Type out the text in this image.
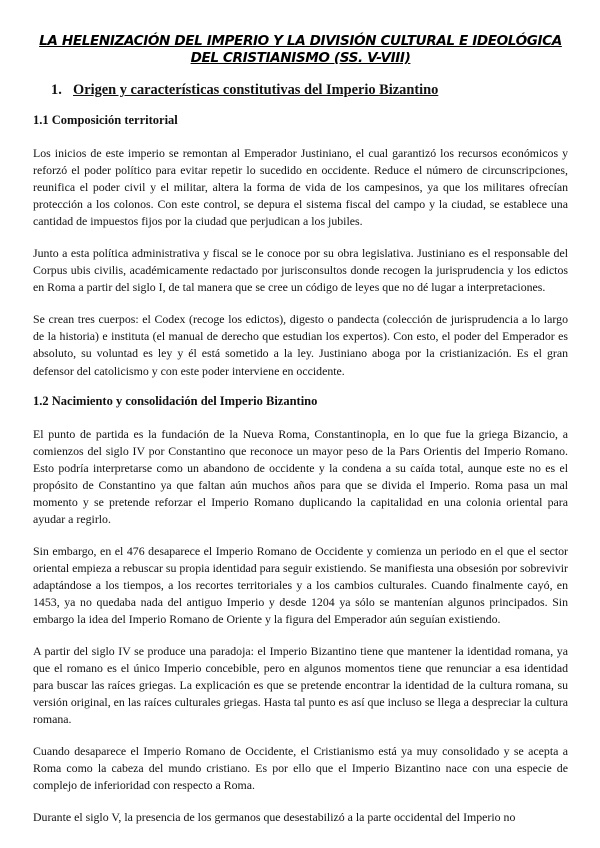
LA HELENIZACIÓN DEL IMPERIO Y LA DIVISIÓN CULTURAL E IDEOLÓGICA DEL CRISTIANISMO (SS. V-VIII)
1. Origen y características constitutivas del Imperio Bizantino
1.1 Composición territorial

Los inicios de este imperio se remontan al Emperador Justiniano, el cual garantizó los recursos económicos y reforzó el poder político para evitar repetir lo sucedido en occidente. Reduce el número de circunscripciones, reunifica el poder civil y el militar, altera la forma de vida de los campesinos, ya que los militares ofrecían protección a los colonos. Con este control, se depura el sistema fiscal del campo y la ciudad, se establece una cantidad de impuestos fijos por la ciudad que perjudican a los jubiles.

Junto a esta política administrativa y fiscal se le conoce por su obra legislativa. Justiniano es el responsable del Corpus ubis civilis, académicamente redactado por jurisconsultos donde recogen la jurisprudencia y los edictos en Roma a partir del siglo I, de tal manera que se cree un código de leyes que no dé lugar a interpretaciones.

Se crean tres cuerpos: el Codex (recoge los edictos), digesto o pandecta (colección de jurisprudencia a lo largo de la historia) e instituta (el manual de derecho que estudian los expertos). Con esto, el poder del Emperador es absoluto, su voluntad es ley y él está sometido a la ley. Justiniano aboga por la cristianización. Es el gran defensor del catolicismo y con este poder interviene en occidente.

1.2 Nacimiento y consolidación del Imperio Bizantino

El punto de partida es la fundación de la Nueva Roma, Constantinopla, en lo que fue la griega Bizancio, a comienzos del siglo IV por Constantino que reconoce un mayor peso de la Pars Orientis del Imperio Romano. Esto podría interpretarse como un abandono de occidente y la condena a su caída total, aunque este no es el propósito de Constantino ya que faltan aún muchos años para que se divida el Imperio. Roma pasa un mal momento y se pretende reforzar el Imperio Romano duplicando la capitalidad en una colonia oriental para ayudar a regirlo.

Sin embargo, en el 476 desaparece el Imperio Romano de Occidente y comienza un periodo en el que el sector oriental empieza a rebuscar su propia identidad para seguir existiendo. Se manifiesta una obsesión por sobrevivir adaptándose a los tiempos, a los recortes territoriales y a los cambios culturales. Cuando finalmente cayó, en 1453, ya no quedaba nada del antiguo Imperio y desde 1204 ya sólo se mantenían algunos principados. Sin embargo la idea del Imperio Romano de Oriente y la figura del Emperador aún seguían existiendo.

A partir del siglo IV se produce una paradoja: el Imperio Bizantino tiene que mantener la identidad romana, ya que el romano es el único Imperio concebible, pero en algunos momentos tiene que renunciar a esa identidad para buscar las raíces griegas. La explicación es que se pretende encontrar la identidad de la cultura romana, su versión original, en las raíces culturales griegas. Hasta tal punto es así que incluso se llega a despreciar la cultura romana.

Cuando desaparece el Imperio Romano de Occidente, el Cristianismo está ya muy consolidado y se acepta a Roma como la cabeza del mundo cristiano. Es por ello que el Imperio Bizantino nace con una especie de complejo de inferioridad con respecto a Roma.

Durante el siglo V, la presencia de los germanos que desestabilizó a la parte occidental del Imperio no
